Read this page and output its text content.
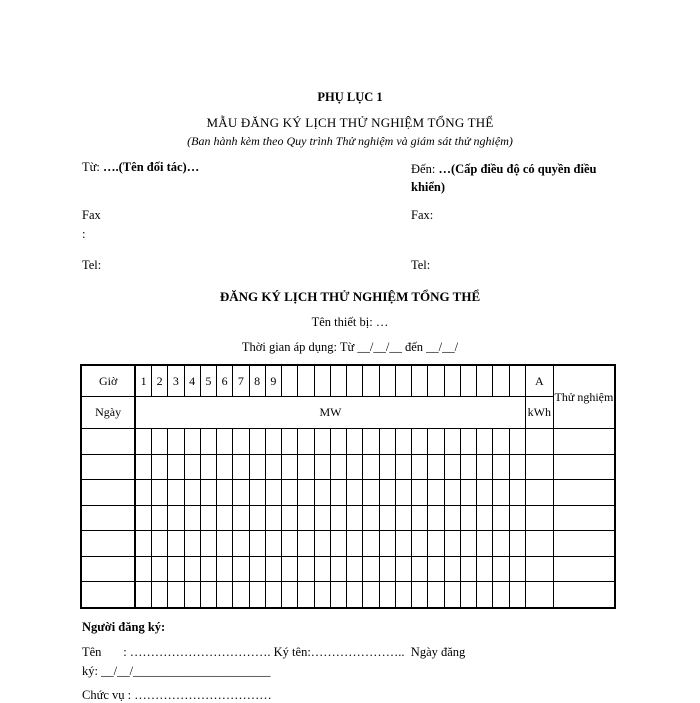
PHỤ LỤC 1
MẪU ĐĂNG KÝ LỊCH THỬ NGHIỆM TỔNG THỂ
(Ban hành kèm theo Quy trình Thử nghiệm và giám sát thử nghiệm)
Từ: ….(Tên đối tác)…	Đến: …(Cấp điều độ có quyền điều khiển)
Fax
:
Fax:
Tel:	Tel:
ĐĂNG KÝ LỊCH THỬ NGHIỆM TỔNG THỂ
Tên thiết bị: …
Thời gian áp dụng: Từ __/__/__ đến __/__/
Giờ	1	2	3	4	5	6	7	8	9																A	Thử nghiệm
Ngày	MW																								kWh	

Người đăng ký:
Tên       : ……………………………. Ký tên:…………………..  Ngày đăng
ký: __/__/______________________
Chức vụ : ……………………………
